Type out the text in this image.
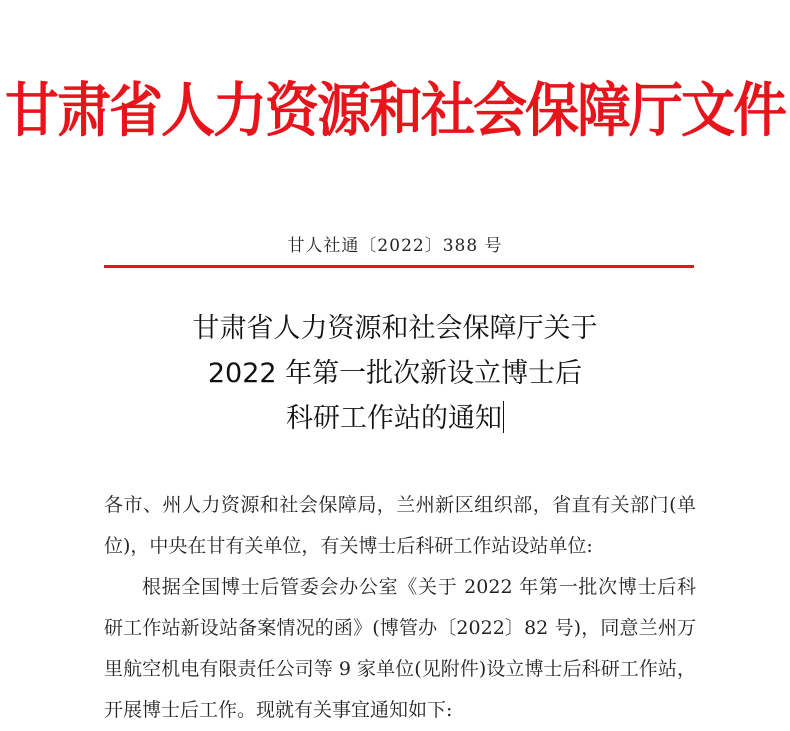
甘肃省人力资源和社会保障厅文件
甘人社通〔2022〕388 号
甘肃省人力资源和社会保障厅关于
2022 年第一批次新设立博士后
科研工作站的通知

各市、州人力资源和社会保障局，兰州新区组织部，省直有关部门(单位)，中央在甘有关单位，有关博士后科研工作站设站单位:

根据全国博士后管委会办公室《关于 2022 年第一批次博士后科研工作站新设站备案情况的函》(博管办〔2022〕82 号)，同意兰州万里航空机电有限责任公司等 9 家单位(见附件)设立博士后科研工作站，开展博士后工作。现就有关事宜通知如下:
